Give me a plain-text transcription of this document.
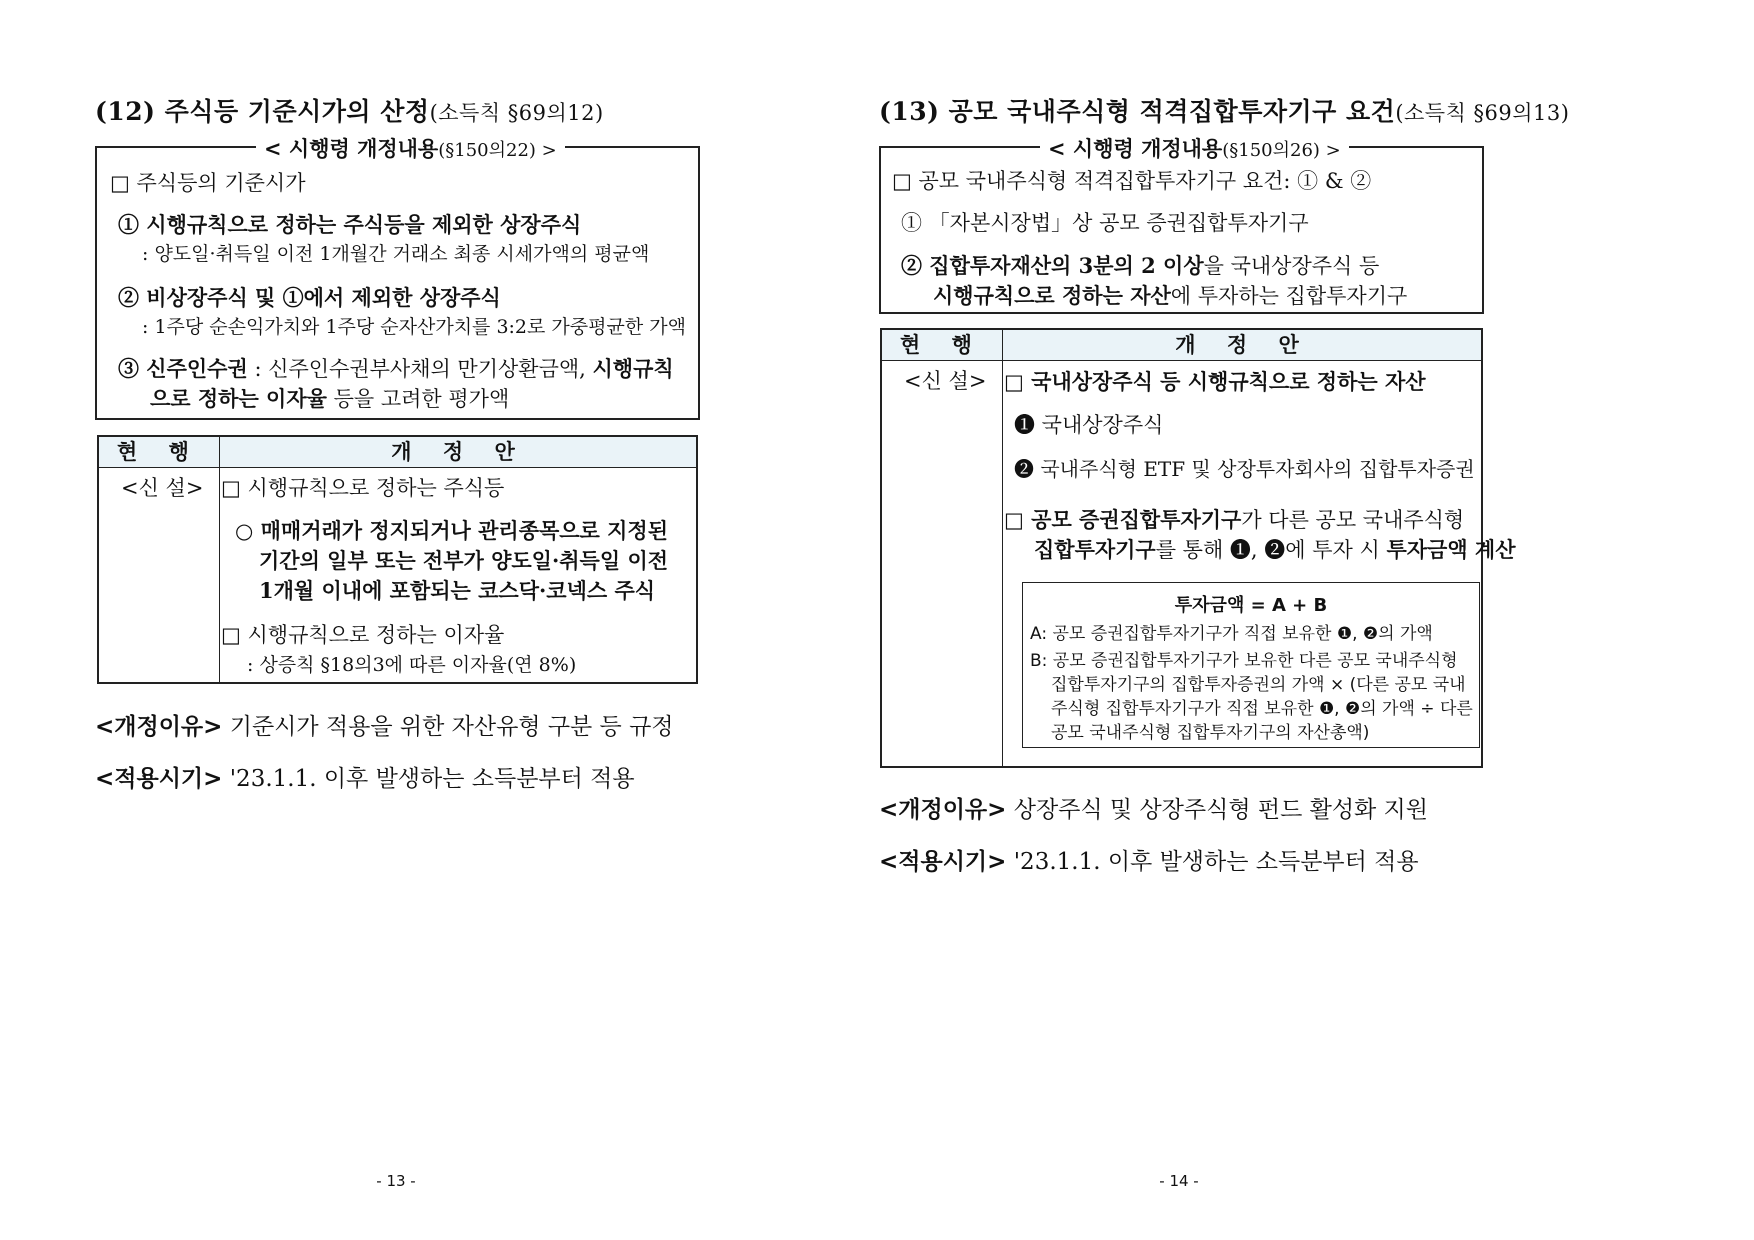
(12) 주식등 기준시가의 산정(소득칙 §69의12)
< 시행령 개정내용(§150의22) >
□ 주식등의 기준시가
① 시행규칙으로 정하는 주식등을 제외한 상장주식
: 양도일·취득일 이전 1개월간 거래소 최종 시세가액의 평균액
② 비상장주식 및 ①에서 제외한 상장주식
: 1주당 순손익가치와 1주당 순자산가치를 3:2로 가중평균한 가액
③ 신주인수권 : 신주인수권부사채의 만기상환금액, 시행규칙
으로 정하는 이자율 등을 고려한 평가액
현 행	개 정 안
<신 설> □ 시행규칙으로 정하는 주식등
○ 매매거래가 정지되거나 관리종목으로 지정된
기간의 일부 또는 전부가 양도일·취득일 이전
1개월 이내에 포함되는 코스닥·코넥스 주식
□ 시행규칙으로 정하는 이자율
: 상증칙 §18의3에 따른 이자율(연 8%)
<개정이유> 기준시가 적용을 위한 자산유형 구분 등 규정
<적용시기> '23.1.1. 이후 발생하는 소득분부터 적용
- 13 -
(13) 공모 국내주식형 적격집합투자기구 요건(소득칙 §69의13)
< 시행령 개정내용(§150의26) >
□ 공모 국내주식형 적격집합투자기구 요건: ① & ②
① 「자본시장법」상 공모 증권집합투자기구
② 집합투자재산의 3분의 2 이상을 국내상장주식 등
시행규칙으로 정하는 자산에 투자하는 집합투자기구
현 행	개 정 안
<신 설> □ 국내상장주식 등 시행규칙으로 정하는 자산
❶ 국내상장주식
❷ 국내주식형 ETF 및 상장투자회사의 집합투자증권
□ 공모 증권집합투자기구가 다른 공모 국내주식형
집합투자기구를 통해 ❶, ❷에 투자 시 투자금액 계산
투자금액 = A + B
A: 공모 증권집합투자기구가 직접 보유한 ❶, ❷의 가액
B: 공모 증권집합투자기구가 보유한 다른 공모 국내주식형
집합투자기구의 집합투자증권의 가액 × (다른 공모 국내
주식형 집합투자기구가 직접 보유한 ❶, ❷의 가액 ÷ 다른
공모 국내주식형 집합투자기구의 자산총액)
<개정이유> 상장주식 및 상장주식형 펀드 활성화 지원
<적용시기> '23.1.1. 이후 발생하는 소득분부터 적용
- 14 -
